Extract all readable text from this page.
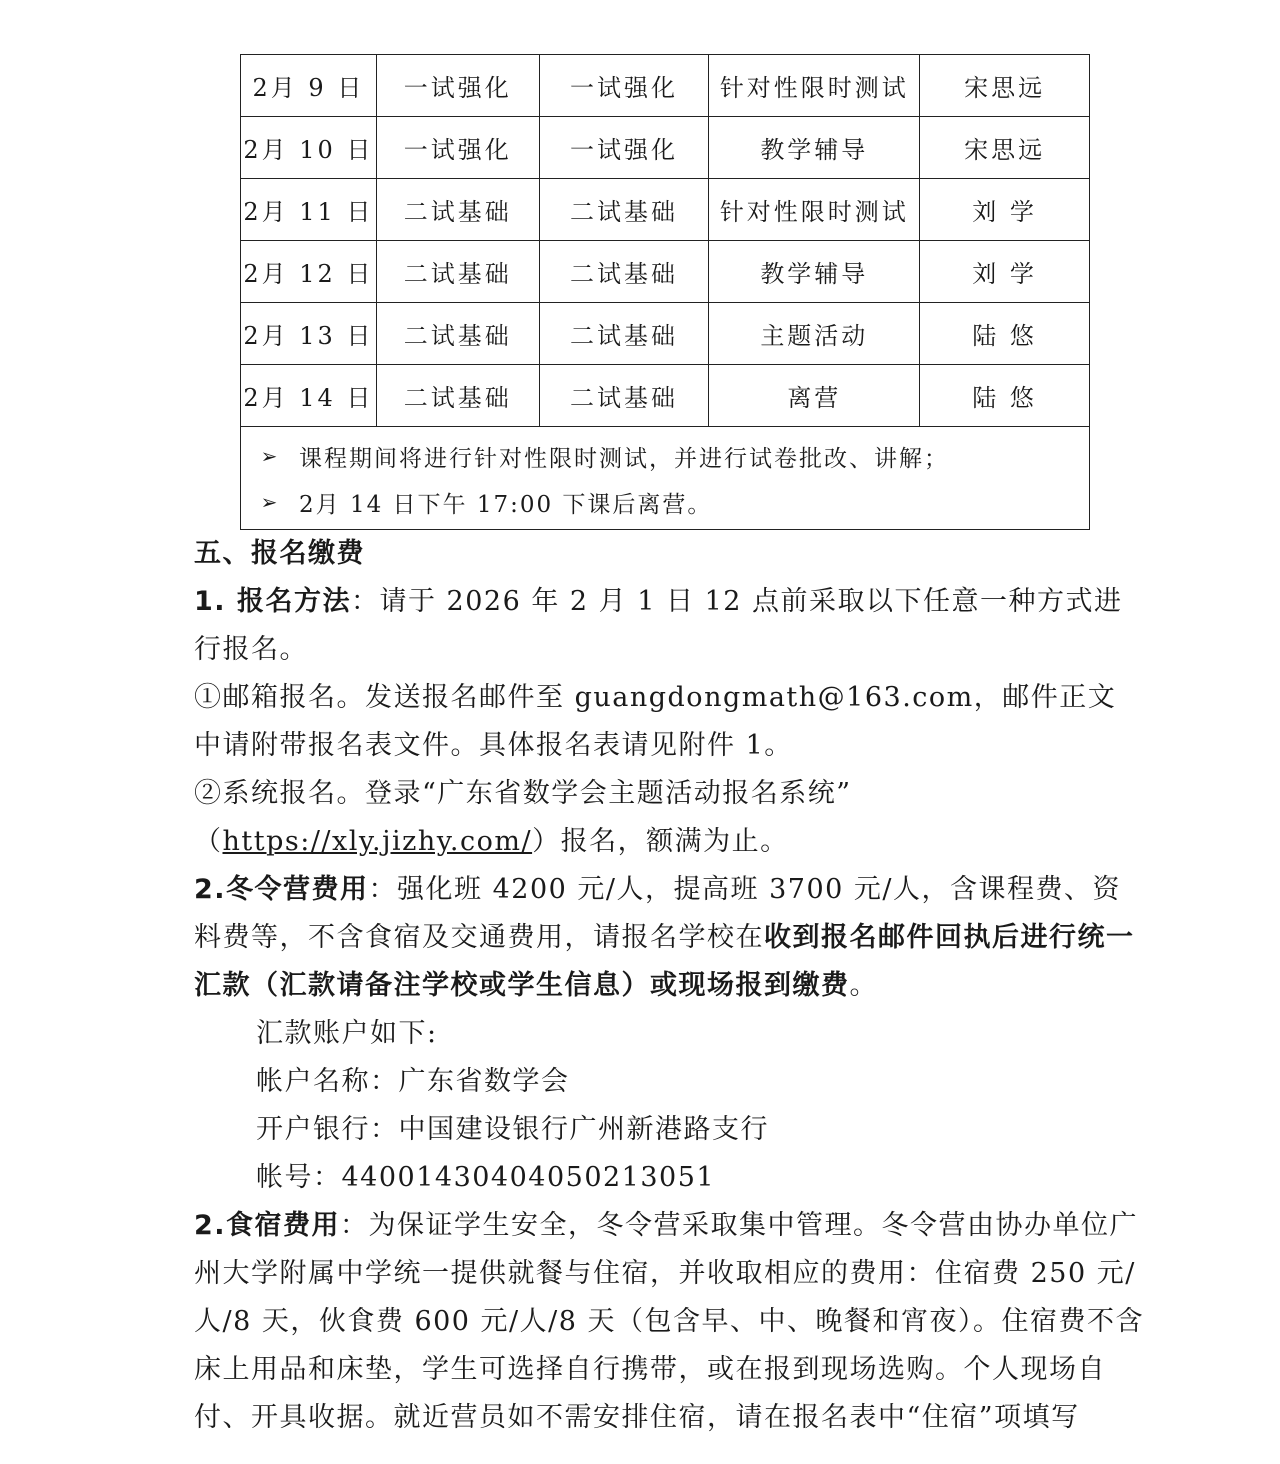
2月 9 日	一试强化	一试强化	针对性限时测试	宋思远
2月 10 日	一试强化	一试强化	教学辅导	宋思远
2月 11 日	二试基础	二试基础	针对性限时测试	刘 学
2月 12 日	二试基础	二试基础	教学辅导	刘 学
2月 13 日	二试基础	二试基础	主题活动	陆 悠
2月 14 日	二试基础	二试基础	离营	陆 悠

➢ 课程期间将进行针对性限时测试，并进行试卷批改、讲解；
➢ 2月 14 日下午 17:00 下课后离营。				

五、报名缴费

1. 报名方法：请于 2026 年 2 月 1 日 12 点前采取以下任意一种方式进行报名。

①邮箱报名。发送报名邮件至 guangdongmath@163.com，邮件正文中请附带报名表文件。具体报名表请见附件 1。

②系统报名。登录“广东省数学会主题活动报名系统”

（https://xly.jizhy.com/）报名，额满为止。

2.冬令营费用：强化班 4200 元/人，提高班 3700 元/人，含课程费、资料费等，不含食宿及交通费用，请报名学校在收到报名邮件回执后进行统一汇款（汇款请备注学校或学生信息）或现场报到缴费。

汇款账户如下:

帐户名称：广东省数学会

开户银行：中国建设银行广州新港路支行

帐号：44001430404050213051

2.食宿费用：为保证学生安全，冬令营采取集中管理。冬令营由协办单位广州大学附属中学统一提供就餐与住宿，并收取相应的费用：住宿费 250 元/人/8 天，伙食费 600 元/人/8 天（包含早、中、晚餐和宵夜）。住宿费不含床上用品和床垫，学生可选择自行携带，或在报到现场选购。个人现场自付、开具收据。就近营员如不需安排住宿，请在报名表中“住宿”项填写
